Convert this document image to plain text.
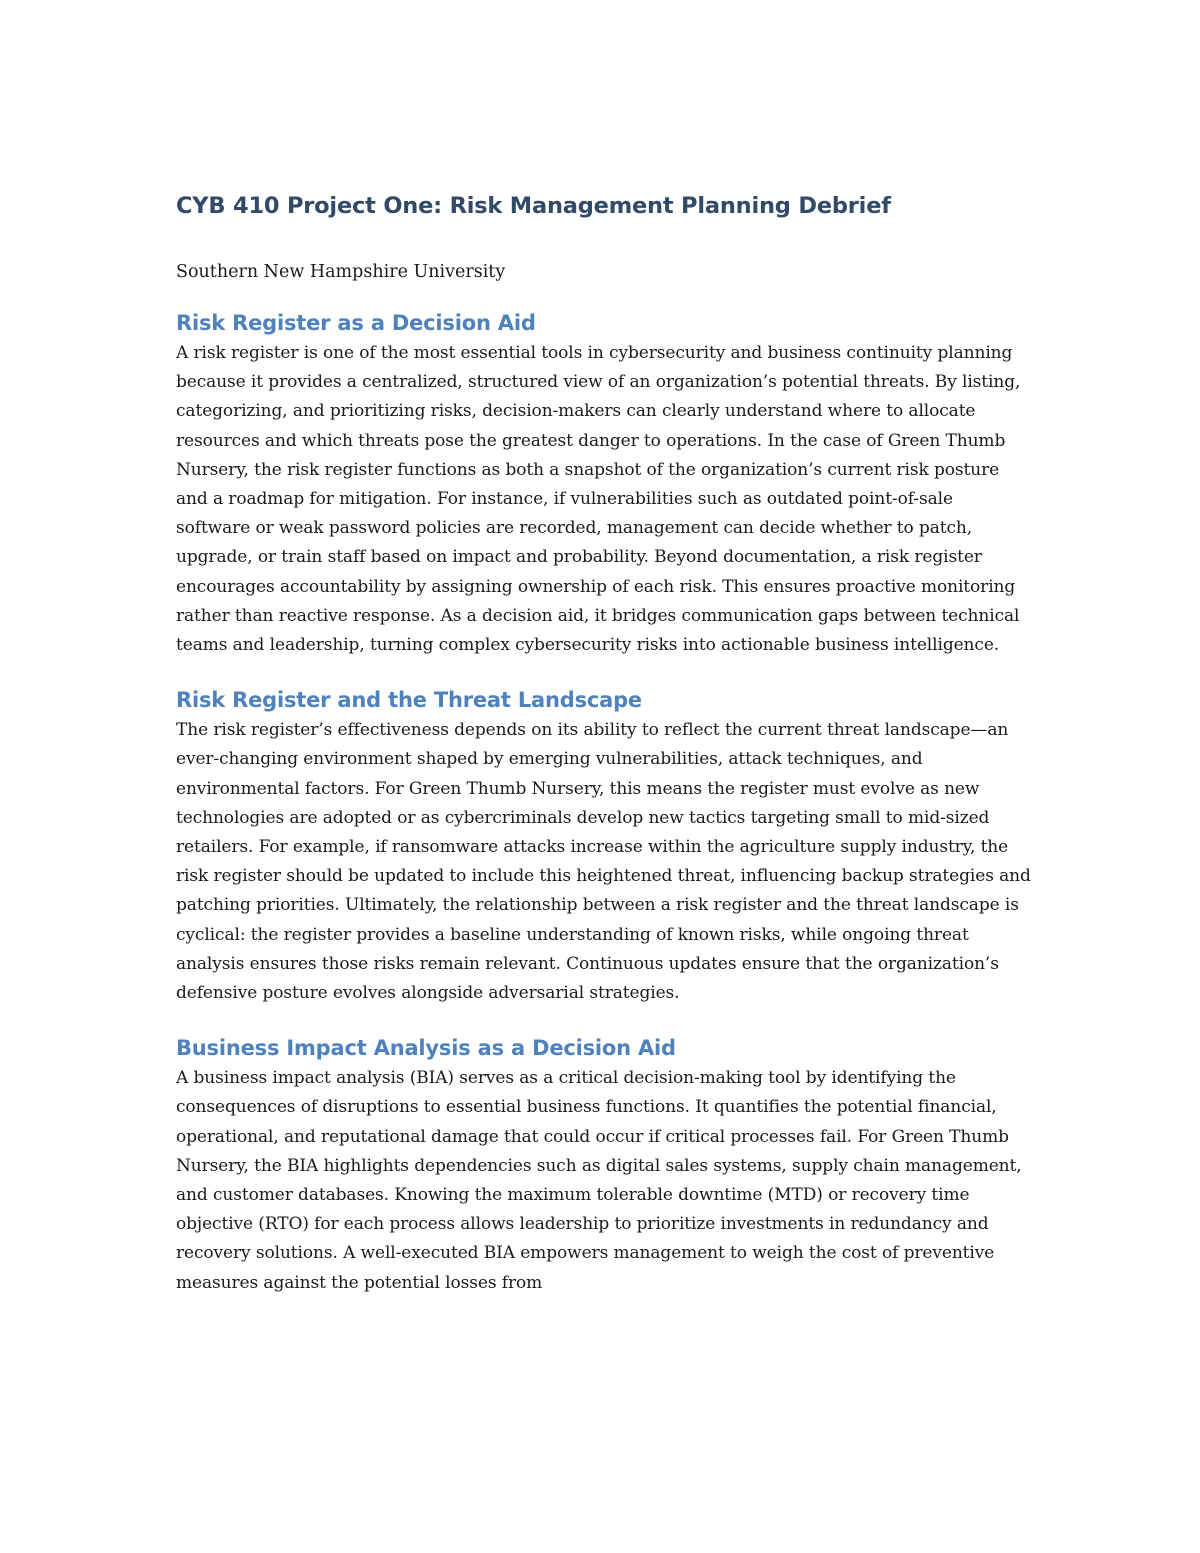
CYB 410 Project One: Risk Management Planning Debrief

Southern New Hampshire University

Risk Register as a Decision Aid

A risk register is one of the most essential tools in cybersecurity and business continuity planning because it provides a centralized, structured view of an organization’s potential threats. By listing, categorizing, and prioritizing risks, decision-makers can clearly understand where to allocate resources and which threats pose the greatest danger to operations. In the case of Green Thumb Nursery, the risk register functions as both a snapshot of the organization’s current risk posture and a roadmap for mitigation. For instance, if vulnerabilities such as outdated point-of-sale software or weak password policies are recorded, management can decide whether to patch, upgrade, or train staff based on impact and probability. Beyond documentation, a risk register encourages accountability by assigning ownership of each risk. This ensures proactive monitoring rather than reactive response. As a decision aid, it bridges communication gaps between technical teams and leadership, turning complex cybersecurity risks into actionable business intelligence.

Risk Register and the Threat Landscape

The risk register’s effectiveness depends on its ability to reflect the current threat landscape—an ever-changing environment shaped by emerging vulnerabilities, attack techniques, and environmental factors. For Green Thumb Nursery, this means the register must evolve as new technologies are adopted or as cybercriminals develop new tactics targeting small to mid-sized retailers. For example, if ransomware attacks increase within the agriculture supply industry, the risk register should be updated to include this heightened threat, influencing backup strategies and patching priorities. Ultimately, the relationship between a risk register and the threat landscape is cyclical: the register provides a baseline understanding of known risks, while ongoing threat analysis ensures those risks remain relevant. Continuous updates ensure that the organization’s defensive posture evolves alongside adversarial strategies.

Business Impact Analysis as a Decision Aid

A business impact analysis (BIA) serves as a critical decision-making tool by identifying the consequences of disruptions to essential business functions. It quantifies the potential financial, operational, and reputational damage that could occur if critical processes fail. For Green Thumb Nursery, the BIA highlights dependencies such as digital sales systems, supply chain management, and customer databases. Knowing the maximum tolerable downtime (MTD) or recovery time objective (RTO) for each process allows leadership to prioritize investments in redundancy and recovery solutions. A well-executed BIA empowers management to weigh the cost of preventive measures against the potential losses from
